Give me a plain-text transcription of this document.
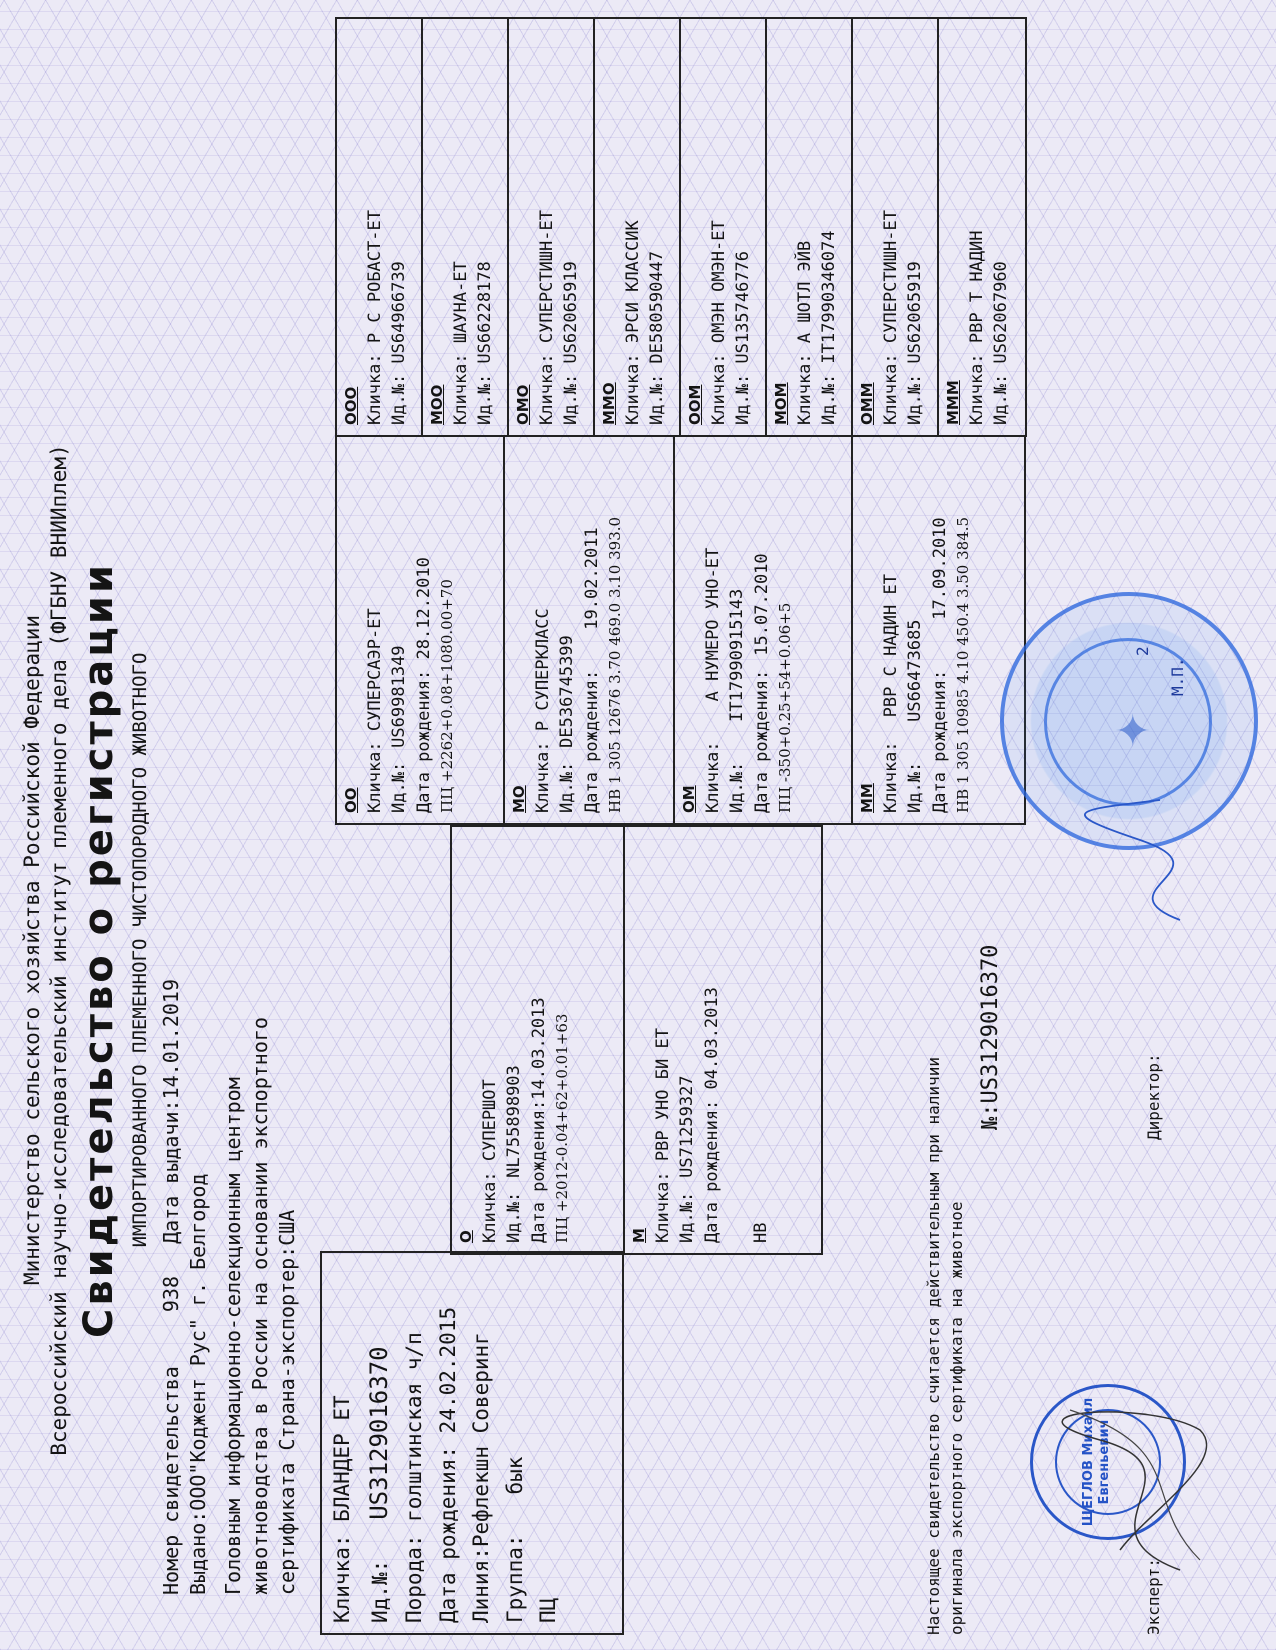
Министерство сельского хозяйства Российской Федерации Всероссийский научно-исследовательский институт племенного дела (ФГБНУ ВНИИплем) Свидетельство о регистрации ИМПОРТИРОВАННОГО ПЛЕМЕННОГО ЧИСТОПОРОДНОГО ЖИВОТНОГО
Номер свидетельства  938  Дата выдачи:14.01.2019
Выдано:ООО"Коджент Рус" г. Белгород Головным информационно-селекционным центром животноводства в России на основании экспортного сертификата Страна-экспортер:США Кличка: БЛАНДЕР ЕТ
Ид.№:US3129016370 Порода: голштинская ч/п Дата рождения: 24.02.2015 Линия:Рефлекшн Соверинг Группа:бык
ПЦ
О Кличка: СУПЕРШОТ Ид.№:NL755898903 Дата рождения:14.03.2013 ПЦ +2012-0.04+62+0.01+63	М Кличка: РВР УНО БИ ЕТ Ид.№:US71259327 Дата рождения: 04.03.2013 НВ
ОО Кличка: СУПЕРСАЭР-ЕТ Ид.№:US69981349 Дата рождения: 28.12.2010 ПЦ +2262+0.08+1080.00+70	МО Кличка: Р СУПЕРКЛАСС Ид.№:DE536745399 Дата рождения:19.02.2011 НВ 1 305 12676 3.70 469.0 3.10 393.0	ОМ Кличка:А НУМЕРО УНО-ЕТ
Ид.№:IT17990915143
Дата рождения:15.07.2010 ПЦ -350+0.25+54+0.06+5	ММ Кличка:РВР С НАДИН ЕТ
Ид.№:US66473685 Дата рождения:17.09.2010 НВ 1 305 10985 4.10 450.4 3.50 384.5
ООО Кличка: Р С РОБАСТ-ЕТ
Ид.№: US64966739
МОО Кличка: ШАУНА-ЕТ
Ид.№: US66228178
ОМО Кличка: СУПЕРСТИШН-ЕТ
Ид.№: US62065919
ММО Кличка: ЭРСИ КЛАССИК
Ид.№: DE580590447
ООМ Кличка: ОМЭН ОМЭН-ЕТ
Ид.№: US135746776
МОМ Кличка: А ШОТЛ ЭЙВ
Ид.№: IT17990346074
ОММ Кличка: СУПЕРСТИШН-ЕТ
Ид.№: US62065919
МММ Кличка: РВР Т НАДИН
Ид.№: US62067960
Настоящее свидетельство считается действительным при наличии оригинала экспортного сертификата на животное
№:US3129016370
Эксперт:
Директор:
ЩЕГЛОВ Михаил Евгеньевич
✦
М.П.
2
